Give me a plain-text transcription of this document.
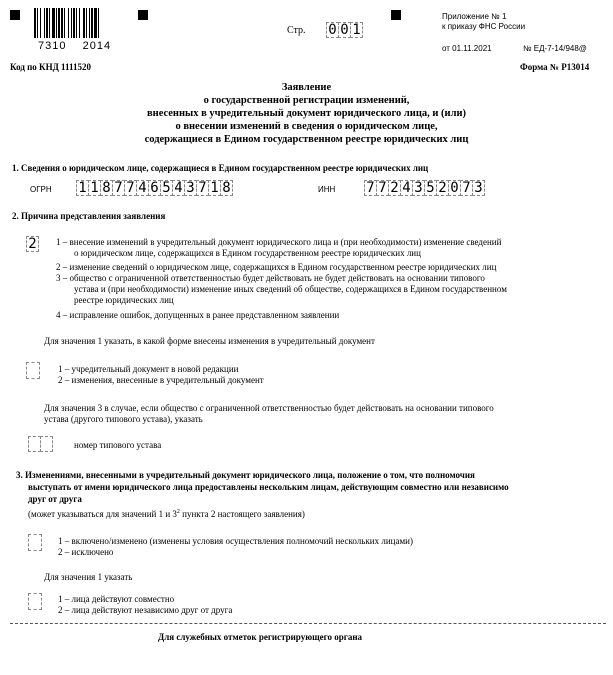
7310 2014
Стр. 0 0 1
Приложение № 1
к приказу ФНС России
от 01.11.2021	№ ЕД-7-14/948@
Код по КНД 1111520	Форма № Р13014
Заявление
о государственной регистрации изменений,
внесенных в учредительный документ юридического лица, и (или)
о внесении изменений в сведения о юридическом лице,
содержащиеся в Едином государственном реестре юридических лиц
1. Сведения о юридическом лице, содержащиеся в Едином государственном реестре юридических лиц
ОГРН 1 1 8 7 7 4 6 5 4 3 7 1 8	ИНН 7 7 2 4 3 5 2 0 7 3
2. Причина представления заявления
2 1 – внесение изменений в учредительный документ юридического лица и (при необходимости) изменение сведений
о юридическом лице, содержащихся в Едином государственном реестре юридических лиц
2 – изменение сведений о юридическом лице, содержащихся в Едином государственном реестре юридических лиц
3 – общество с ограниченной ответственностью будет действовать не будет действовать на основании типового
устава и (при необходимости) изменение иных сведений об обществе, содержащихся в Едином государственном
реестре юридических лиц
4 – исправление ошибок, допущенных в ранее представленном заявлении
Для значения 1 указать, в какой форме внесены изменения в учредительный документ
1 – учредительный документ в новой редакции
2 – изменения, внесенные в учредительный документ
Для значения 3 в случае, если общество с ограниченной ответственностью будет действовать на основании типового
устава (другого типового устава), указать
номер типового устава
3. Изменениями, внесенными в учредительный документ юридического лица, положение о том, что полномочия
выступать от имени юридического лица предоставлены нескольким лицам, действующим совместно или независимо
друг от друга
(может указываться для значений 1 и $3^2$ пункта 2 настоящего заявления)
1 – включено/изменено (изменены условия осуществления полномочий нескольких лицами)
2 – исключено
Для значения 1 указать
1 – лица действуют совместно
2 – лица действуют независимо друг от друга
Для служебных отметок регистрирующего органа
